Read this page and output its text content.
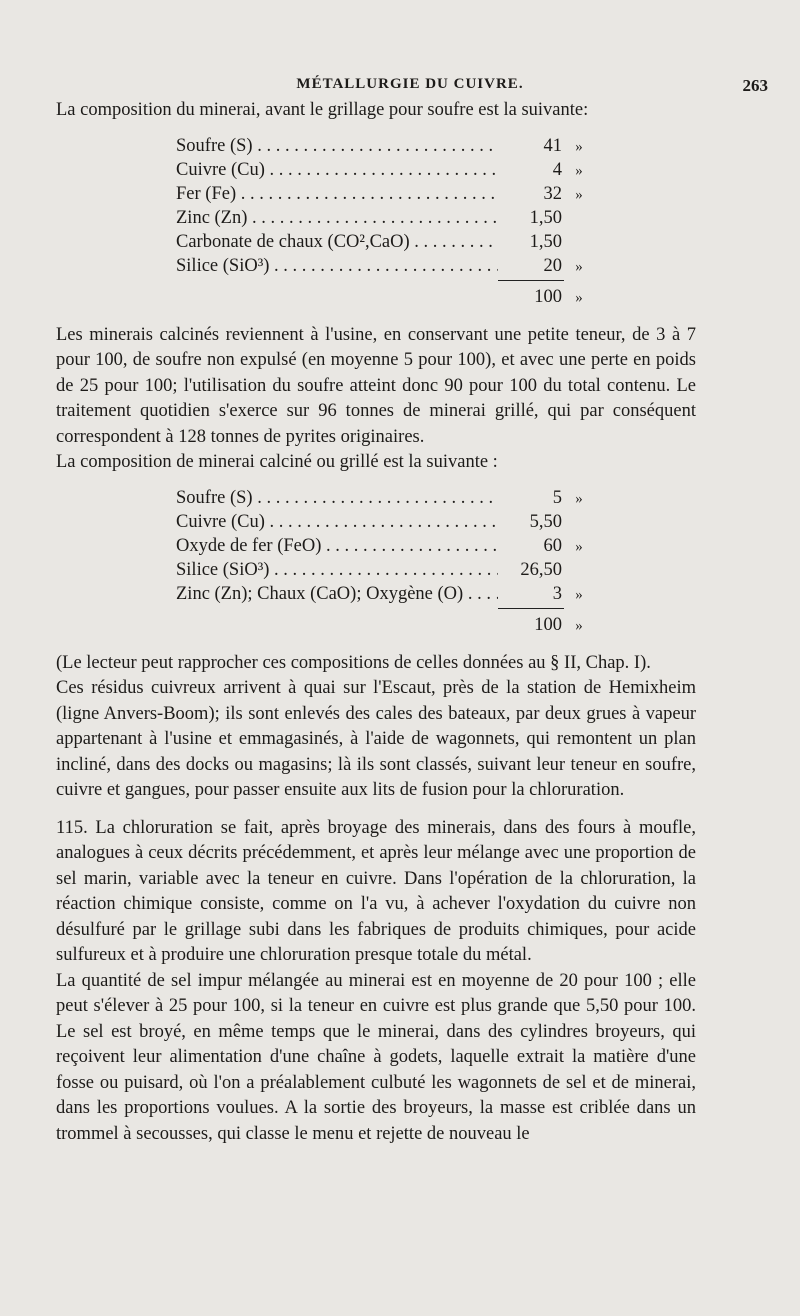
MÉTALLURGIE DU CUIVRE.	263

La composition du minerai, avant le grillage pour soufre est la suivante:

Soufre (S) . . .	41 »
Cuivre (Cu) . . .	4 »
Fer (Fe) . . .	32 »
Zinc (Zn) . . .	1,50
Carbonate de chaux (CO²,CaO) . . .	1,50
Silice (SiO³) . . .	20 »
100 »

Les minerais calcinés reviennent à l'usine, en conservant une petite teneur, de 3 à 7 pour 100, de soufre non expulsé (en moyenne 5 pour 100), et avec une perte en poids de 25 pour 100; l'utilisation du soufre atteint donc 90 pour 100 du total contenu. Le traitement quotidien s'exerce sur 96 tonnes de minerai grillé, qui par conséquent correspondent à 128 tonnes de pyrites originaires.

La composition de minerai calciné ou grillé est la suivante :

Soufre (S) . . .	5 »
Cuivre (Cu) . . .	5,50
Oxyde de fer (FeO) . . .	60 »
Silice (SiO³) . . .	26,50
Zinc (Zn); Chaux (CaO); Oxygène (O) . . .	3 »
100 »

(Le lecteur peut rapprocher ces compositions de celles données au § II, Chap. I).

Ces résidus cuivreux arrivent à quai sur l'Escaut, près de la station de Hemixheim (ligne Anvers-Boom); ils sont enlevés des cales des bateaux, par deux grues à vapeur appartenant à l'usine et emmagasinés, à l'aide de wagonnets, qui remontent un plan incliné, dans des docks ou magasins; là ils sont classés, suivant leur teneur en soufre, cuivre et gangues, pour passer ensuite aux lits de fusion pour la chloruration.

115. La chloruration se fait, après broyage des minerais, dans des fours à moufle, analogues à ceux décrits précédemment, et après leur mélange avec une proportion de sel marin, variable avec la teneur en cuivre. Dans l'opération de la chloruration, la réaction chimique consiste, comme on l'a vu, à achever l'oxydation du cuivre non désulfuré par le grillage subi dans les fabriques de produits chimiques, pour acide sulfureux et à produire une chloruration presque totale du métal.

La quantité de sel impur mélangée au minerai est en moyenne de 20 pour 100 ; elle peut s'élever à 25 pour 100, si la teneur en cuivre est plus grande que 5,50 pour 100. Le sel est broyé, en même temps que le minerai, dans des cylindres broyeurs, qui reçoivent leur alimentation d'une chaîne à godets, laquelle extrait la matière d'une fosse ou puisard, où l'on a préalablement culbuté les wagonnets de sel et de minerai, dans les proportions voulues. A la sortie des broyeurs, la masse est criblée dans un trommel à secousses, qui classe le menu et rejette de nouveau le
